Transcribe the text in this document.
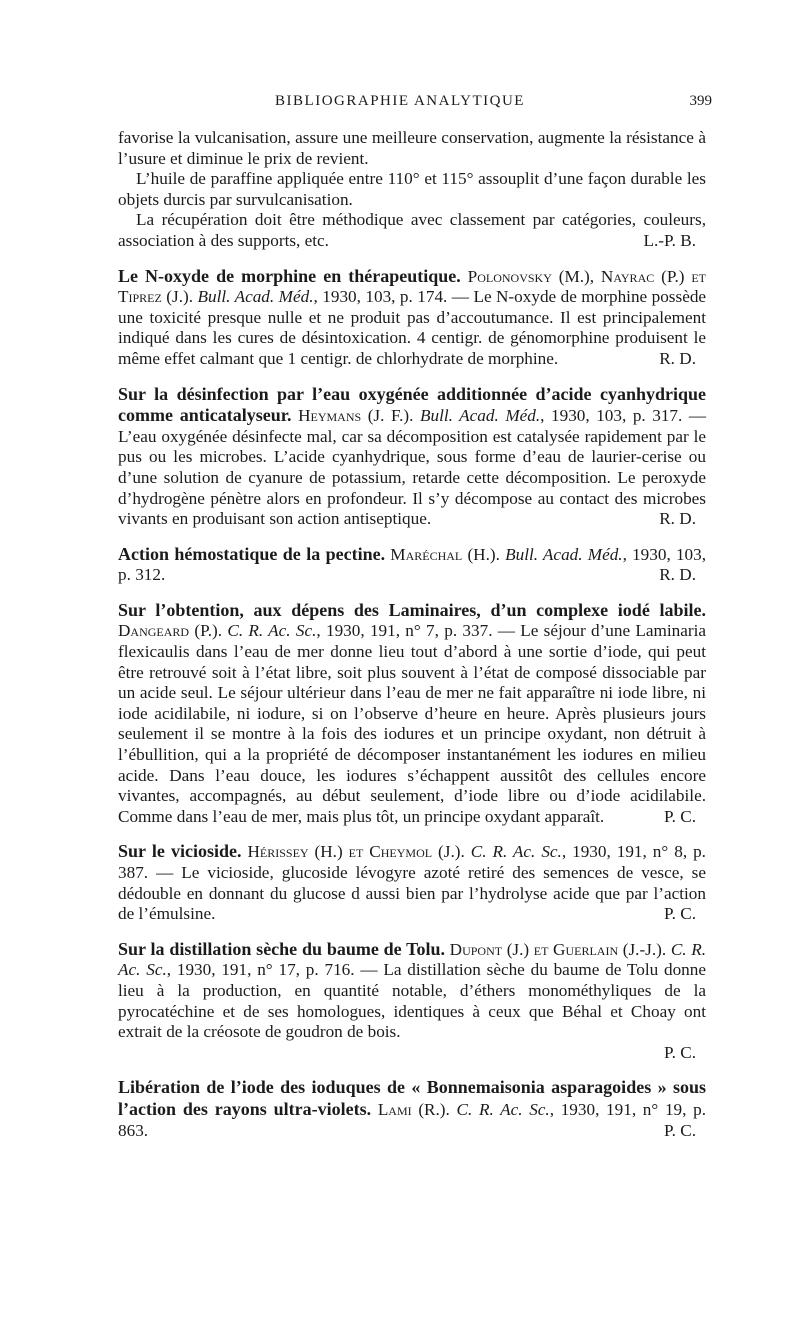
BIBLIOGRAPHIE ANALYTIQUE	399

favorise la vulcanisation, assure une meilleure conservation, augmente la résistance à l’usure et diminue le prix de revient.

L’huile de paraffine appliquée entre 110° et 115° assouplit d’une façon durable les objets durcis par survulcanisation.

La récupération doit être méthodique avec classement par catégories, couleurs, association à des supports, etc.	L.-P. B.

Le N-oxyde de morphine en thérapeutique. Polonovsky (M.), Nayrac (P.) et Tiprez (J.). Bull. Acad. Méd., 1930, 103, p. 174. — Le N-oxyde de morphine possède une toxicité presque nulle et ne produit pas d’accoutumance. Il est principalement indiqué dans les cures de désintoxication. 4 centigr. de génomorphine produisent le même effet calmant que 1 centigr. de chlorhydrate de morphine.	R. D.

Sur la désinfection par l’eau oxygénée additionnée d’acide cyanhydrique comme anticatalyseur. Heymans (J. F.). Bull. Acad. Méd., 1930, 103, p. 317. — L’eau oxygénée désinfecte mal, car sa décomposition est catalysée rapidement par le pus ou les microbes. L’acide cyanhydrique, sous forme d’eau de laurier-cerise ou d’une solution de cyanure de potassium, retarde cette décomposition. Le peroxyde d’hydrogène pénètre alors en profondeur. Il s’y décompose au contact des microbes vivants en produisant son action antiseptique.	R. D.

Action hémostatique de la pectine. Maréchal (H.). Bull. Acad. Méd., 1930, 103, p. 312.	R. D.

Sur l’obtention, aux dépens des Laminaires, d’un complexe iodé labile. Dangeard (P.). C. R. Ac. Sc., 1930, 191, n° 7, p. 337. — Le séjour d’une Laminaria flexicaulis dans l’eau de mer donne lieu tout d’abord à une sortie d’iode, qui peut être retrouvé soit à l’état libre, soit plus souvent à l’état de composé dissociable par un acide seul. Le séjour ultérieur dans l’eau de mer ne fait apparaître ni iode libre, ni iode acidilabile, ni iodure, si on l’observe d’heure en heure. Après plusieurs jours seulement il se montre à la fois des iodures et un principe oxydant, non détruit à l’ébullition, qui a la propriété de décomposer instantanément les iodures en milieu acide. Dans l’eau douce, les iodures s’échappent aussitôt des cellules encore vivantes, accompagnés, au début seulement, d’iode libre ou d’iode acidilabile. Comme dans l’eau de mer, mais plus tôt, un principe oxydant apparaît.	P. C.

Sur le vicioside. Hérissey (H.) et Cheymol (J.). C. R. Ac. Sc., 1930, 191, n° 8, p. 387. — Le vicioside, glucoside lévogyre azoté retiré des semences de vesce, se dédouble en donnant du glucose d aussi bien par l’hydrolyse acide que par l’action de l’émulsine.	P. C.

Sur la distillation sèche du baume de Tolu. Dupont (J.) et Guerlain (J.-J.). C. R. Ac. Sc., 1930, 191, n° 17, p. 716. — La distillation sèche du baume de Tolu donne lieu à la production, en quantité notable, d’éthers monométhyliques de la pyrocatéchine et de ses homologues, identiques à ceux que Béhal et Choay ont extrait de la créosote de goudron de bois.

P. C.

Libération de l’iode des ioduques de « Bonnemaisonia asparagoides » sous l’action des rayons ultra-violets. Lami (R.). C. R. Ac. Sc., 1930, 191, n° 19, p. 863.	P. C.
